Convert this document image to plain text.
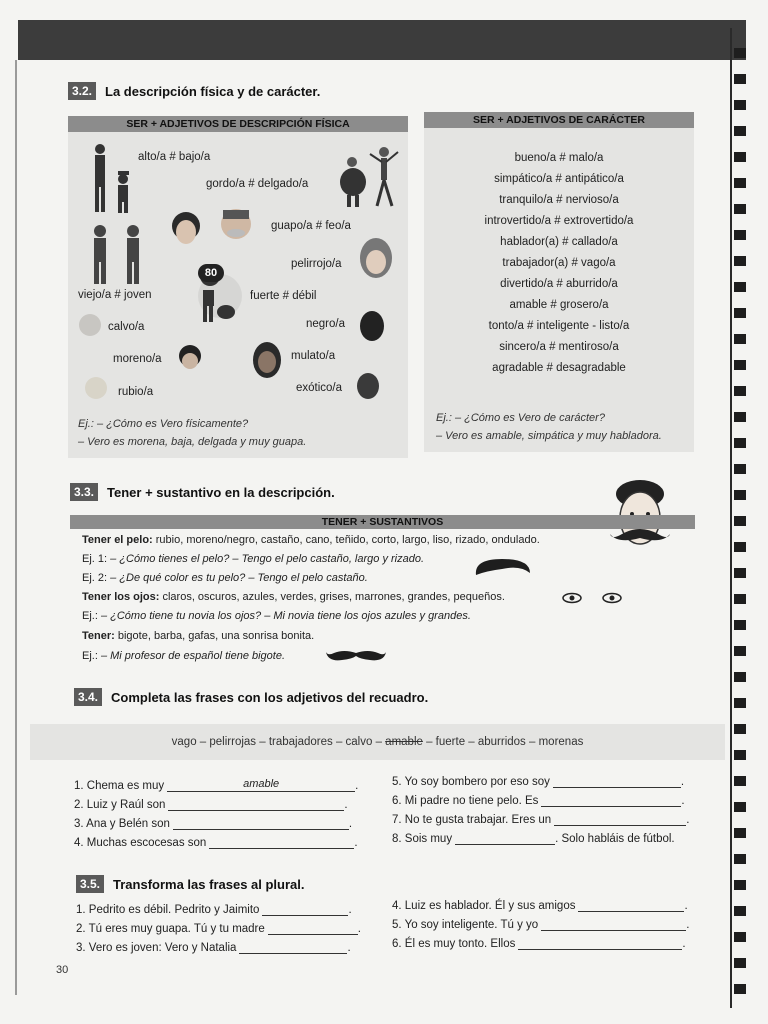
3.2.	La descripción física y de carácter.
SER + ADJETIVOS DE DESCRIPCIÓN FÍSICA
80
alto/a # bajo/a
gordo/a # delgado/a
guapo/a # feo/a
pelirrojo/a
viejo/a # joven	fuerte # débil
calvo/a	negro/a
moreno/a	mulato/a
rubio/a	exótico/a
Ej.: – ¿Cómo es Vero físicamente?
– Vero es morena, baja, delgada y muy guapa.
SER + ADJETIVOS DE CARÁCTER
bueno/a # malo/a
simpático/a # antipático/a
tranquilo/a # nervioso/a
introvertido/a # extrovertido/a
hablador(a) # callado/a
trabajador(a) # vago/a
divertido/a # aburrido/a
amable # grosero/a
tonto/a # inteligente - listo/a
sincero/a # mentiroso/a
agradable # desagradable
Ej.: – ¿Cómo es Vero de carácter?
– Vero es amable, simpática y muy habladora.
3.3.	Tener + sustantivo en la descripción.
TENER + SUSTANTIVOS
Tener el pelo: rubio, moreno/negro, castaño, cano, teñido, corto, largo, liso, rizado, ondulado.
Ej. 1: – ¿Cómo tienes el pelo? – Tengo el pelo castaño, largo y rizado.
Ej. 2: – ¿De qué color es tu pelo? – Tengo el pelo castaño.
Tener los ojos: claros, oscuros, azules, verdes, grises, marrones, grandes, pequeños.
Ej.: – ¿Cómo tiene tu novia los ojos? – Mi novia tiene los ojos azules y grandes.
Tener: bigote, barba, gafas, una sonrisa bonita.
Ej.: – Mi profesor de español tiene bigote.
3.4.	Completa las frases con los adjetivos del recuadro.
vago – pelirrojas – trabajadores – calvo – amable – fuerte – aburridos – morenas
1. Chema es muy	amable	.
2. Luiz y Raúl son	.
3. Ana y Belén son	.
4. Muchas escocesas son	.
5. Yo soy bombero por eso soy	.
6. Mi padre no tiene pelo. Es	.
7. No te gusta trabajar. Eres un	.
8. Sois muy	. Solo habláis de fútbol.
3.5.	Transforma las frases al plural.
1. Pedrito es débil. Pedrito y Jaimito	.
2. Tú eres muy guapa. Tú y tu madre	.
3. Vero es joven: Vero y Natalia	.
4. Luiz es hablador. Él y sus amigos	.
5. Yo soy inteligente. Tú y yo	.
6. Él es muy tonto. Ellos	.
30
